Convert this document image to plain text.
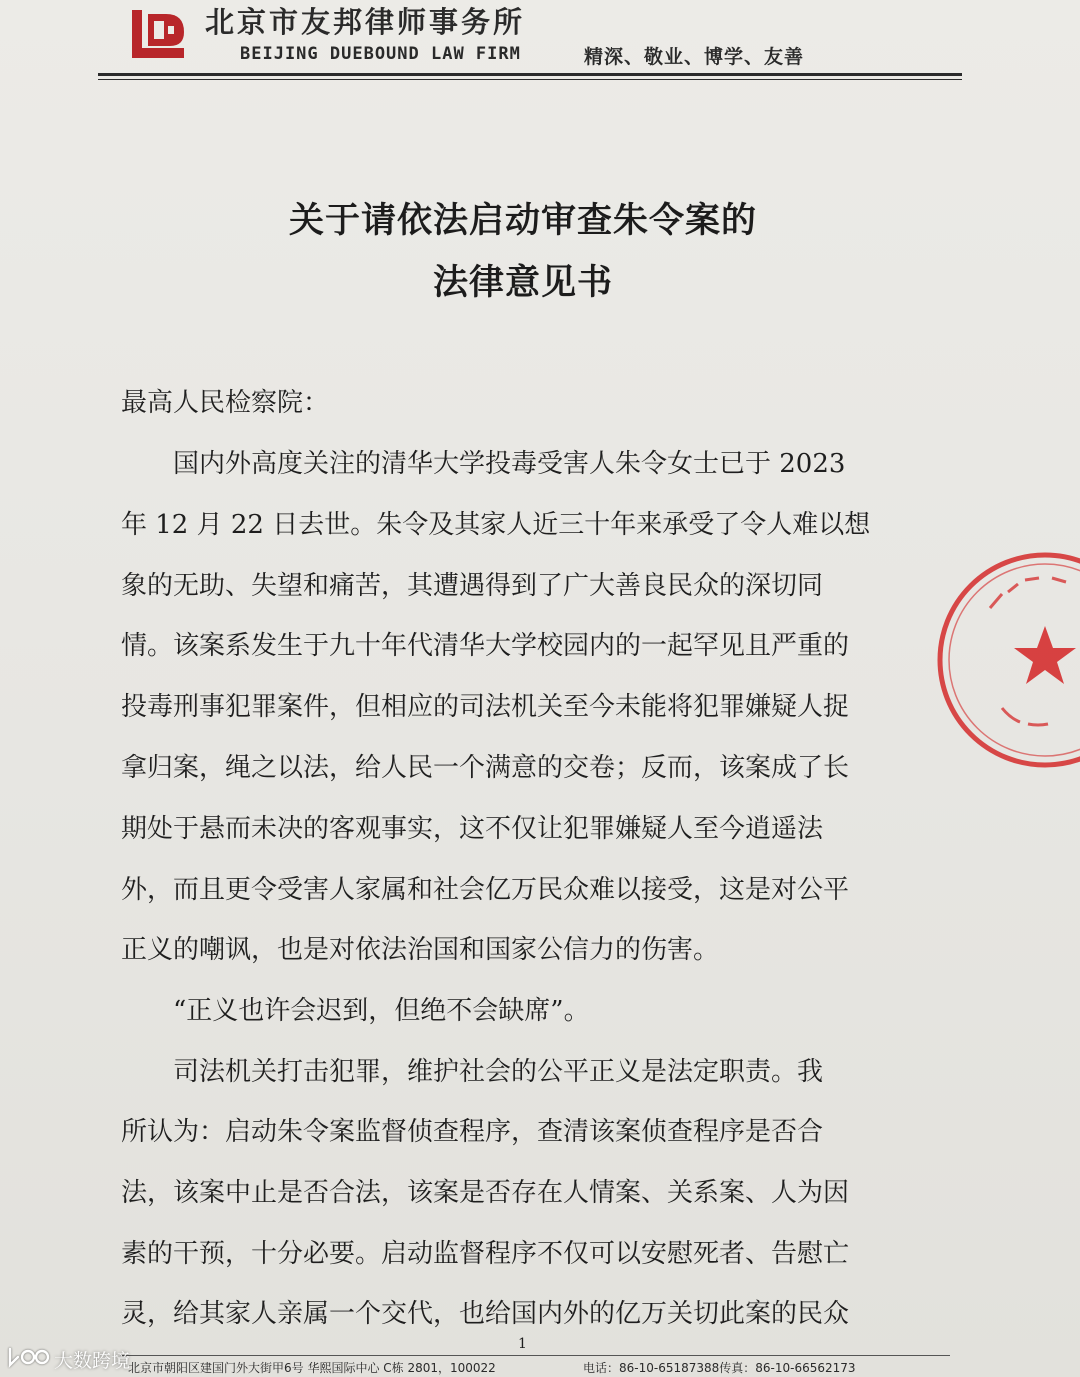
北京市友邦律师事务所
BEIJING DUEBOUND LAW FIRM	精深、敬业、博学、友善
关于请依法启动审查朱令案的
法律意见书
最高人民检察院：
　　国内外高度关注的清华大学投毒受害人朱令女士已于 2023
年 12 月 22 日去世。朱令及其家人近三十年来承受了令人难以想
象的无助、失望和痛苦，其遭遇得到了广大善良民众的深切同
情。该案系发生于九十年代清华大学校园内的一起罕见且严重的
投毒刑事犯罪案件，但相应的司法机关至今未能将犯罪嫌疑人捉
拿归案，绳之以法，给人民一个满意的交卷；反而，该案成了长
期处于悬而未决的客观事实，这不仅让犯罪嫌疑人至今逍遥法
外，而且更令受害人家属和社会亿万民众难以接受，这是对公平
正义的嘲讽，也是对依法治国和国家公信力的伤害。
　　“正义也许会迟到，但绝不会缺席”。
　　司法机关打击犯罪，维护社会的公平正义是法定职责。我
所认为：启动朱令案监督侦查程序，查清该案侦查程序是否合
法，该案中止是否合法，该案是否存在人情案、关系案、人为因
素的干预，十分必要。启动监督程序不仅可以安慰死者、告慰亡
灵，给其家人亲属一个交代，也给国内外的亿万关切此案的民众
1
北京市朝阳区建国门外大街甲6号 华熙国际中心 C栋 2801，100022	电话：86-10-65187388传真：86-10-66562173
大数跨境
